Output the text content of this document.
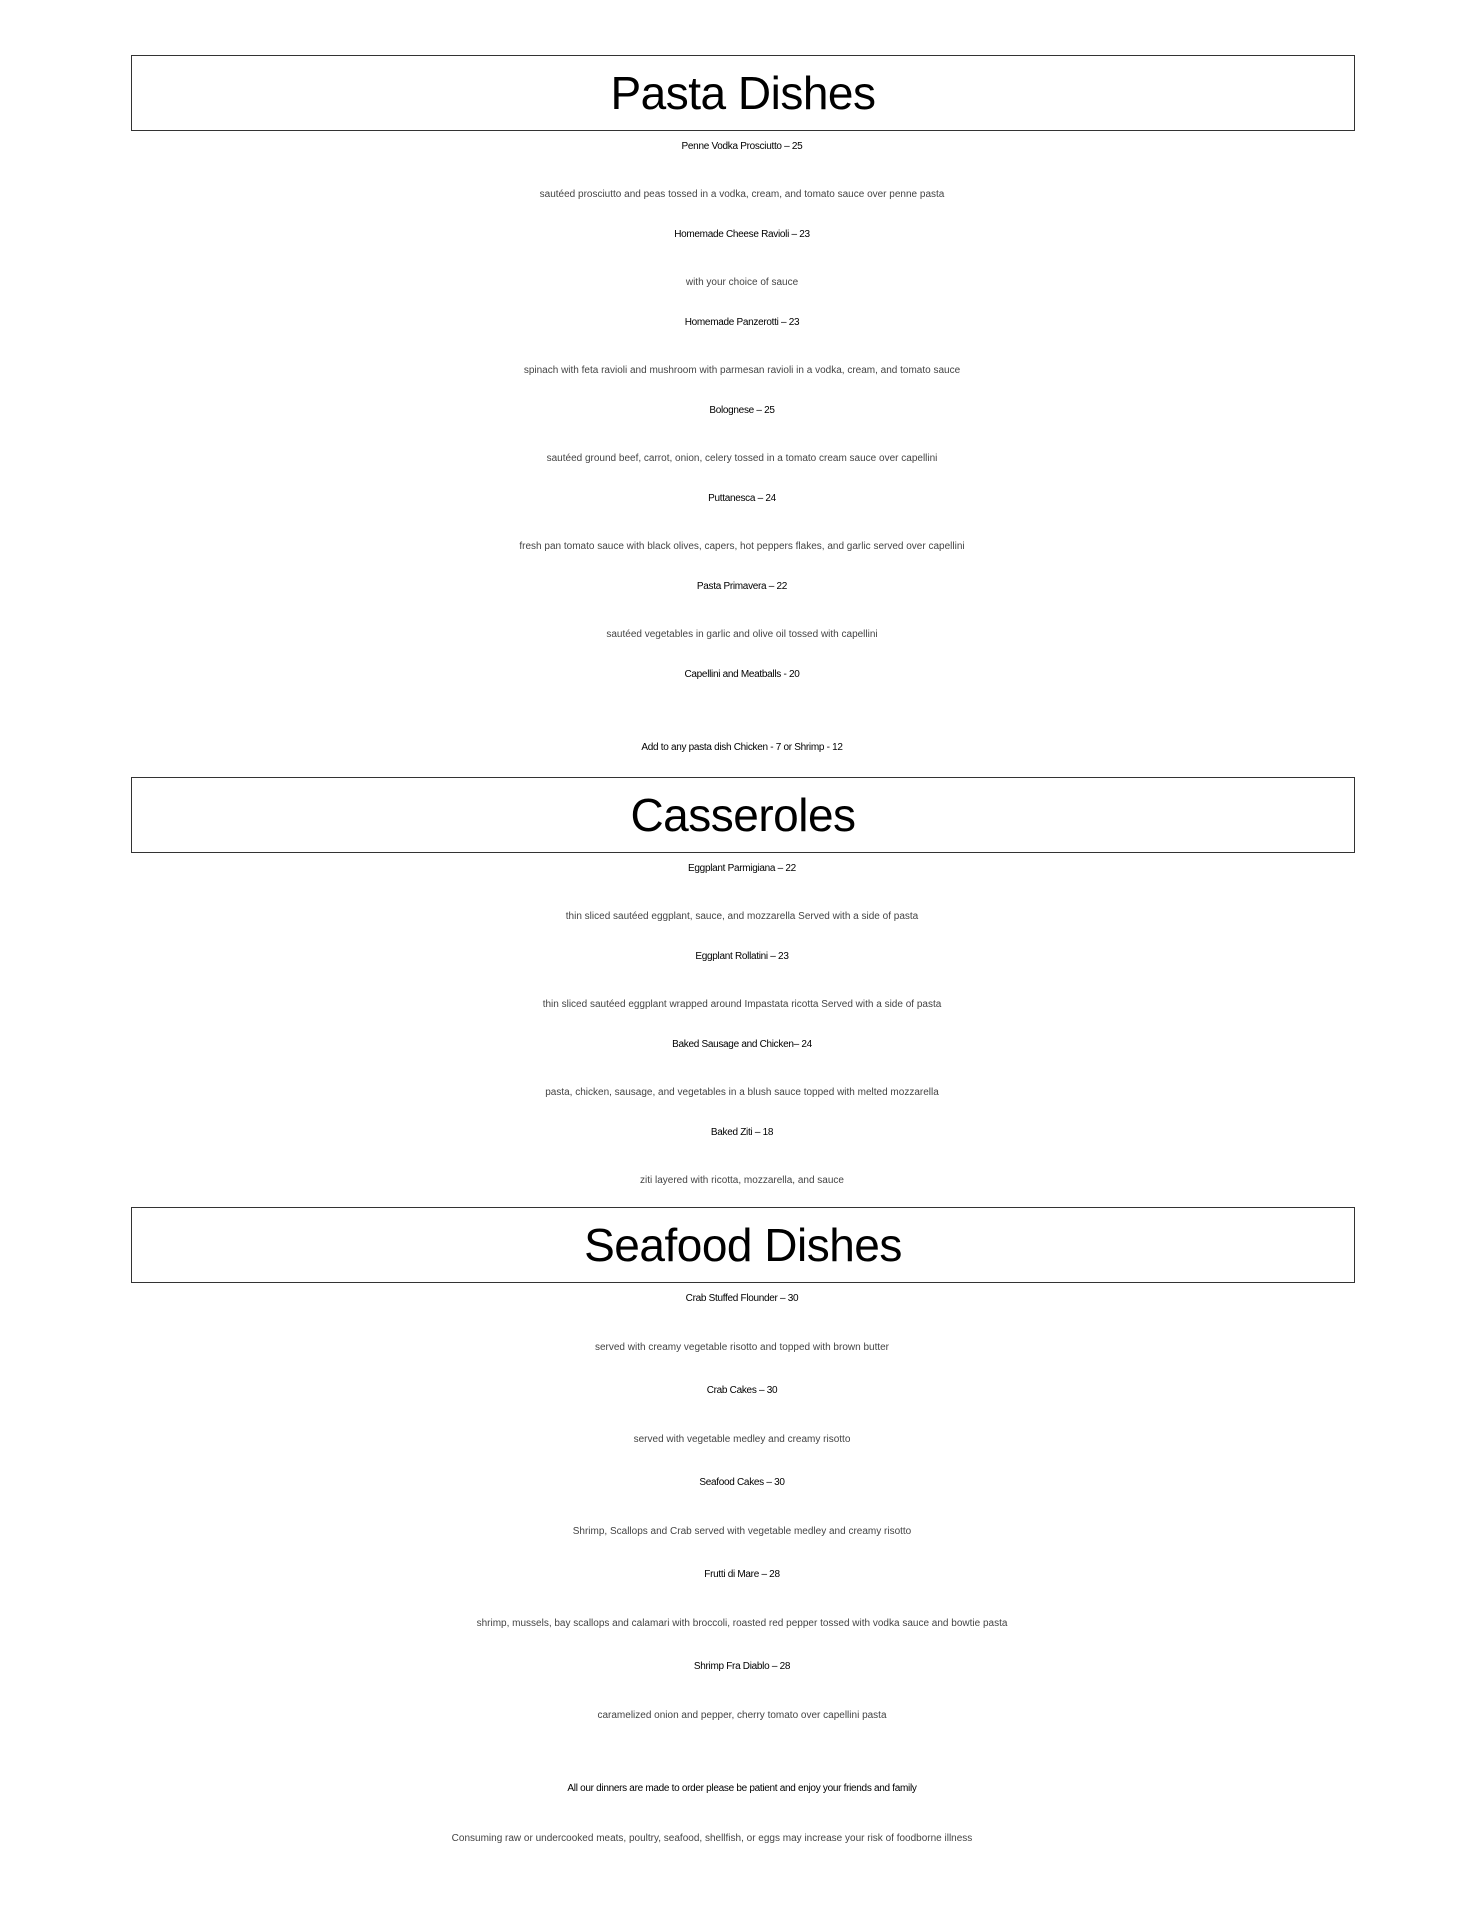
Pasta Dishes
Penne Vodka Prosciutto – 25
sautéed prosciutto and peas tossed in a vodka, cream, and tomato sauce over penne pasta
Homemade Cheese Ravioli – 23
with your choice of sauce
Homemade Panzerotti – 23
spinach with feta ravioli and mushroom with parmesan ravioli in a vodka, cream, and tomato sauce
Bolognese – 25
sautéed ground beef, carrot, onion, celery tossed in a tomato cream sauce over capellini
Puttanesca – 24
fresh pan tomato sauce with black olives, capers, hot peppers flakes, and garlic served over capellini
Pasta Primavera – 22
sautéed vegetables in garlic and olive oil tossed with capellini
Capellini and Meatballs - 20
Add to any pasta dish Chicken - 7 or Shrimp - 12
Casseroles
Eggplant Parmigiana – 22
thin sliced sautéed eggplant, sauce, and mozzarella Served with a side of pasta
Eggplant Rollatini – 23
thin sliced sautéed eggplant wrapped around Impastata ricotta Served with a side of pasta
Baked Sausage and Chicken– 24
pasta, chicken, sausage, and vegetables in a blush sauce topped with melted mozzarella
Baked Ziti – 18
ziti layered with ricotta, mozzarella, and sauce
Seafood Dishes
Crab Stuffed Flounder – 30
served with creamy vegetable risotto and topped with brown butter
Crab Cakes – 30
served with vegetable medley and creamy risotto
Seafood Cakes – 30
Shrimp, Scallops and Crab served with vegetable medley and creamy risotto
Frutti di Mare – 28
shrimp, mussels, bay scallops and calamari with broccoli, roasted red pepper tossed with vodka sauce and bowtie pasta
Shrimp Fra Diablo – 28
caramelized onion and pepper, cherry tomato over capellini pasta
All our dinners are made to order please be patient and enjoy your friends and family
Consuming raw or undercooked meats, poultry, seafood, shellfish, or eggs may increase your risk of foodborne illness
